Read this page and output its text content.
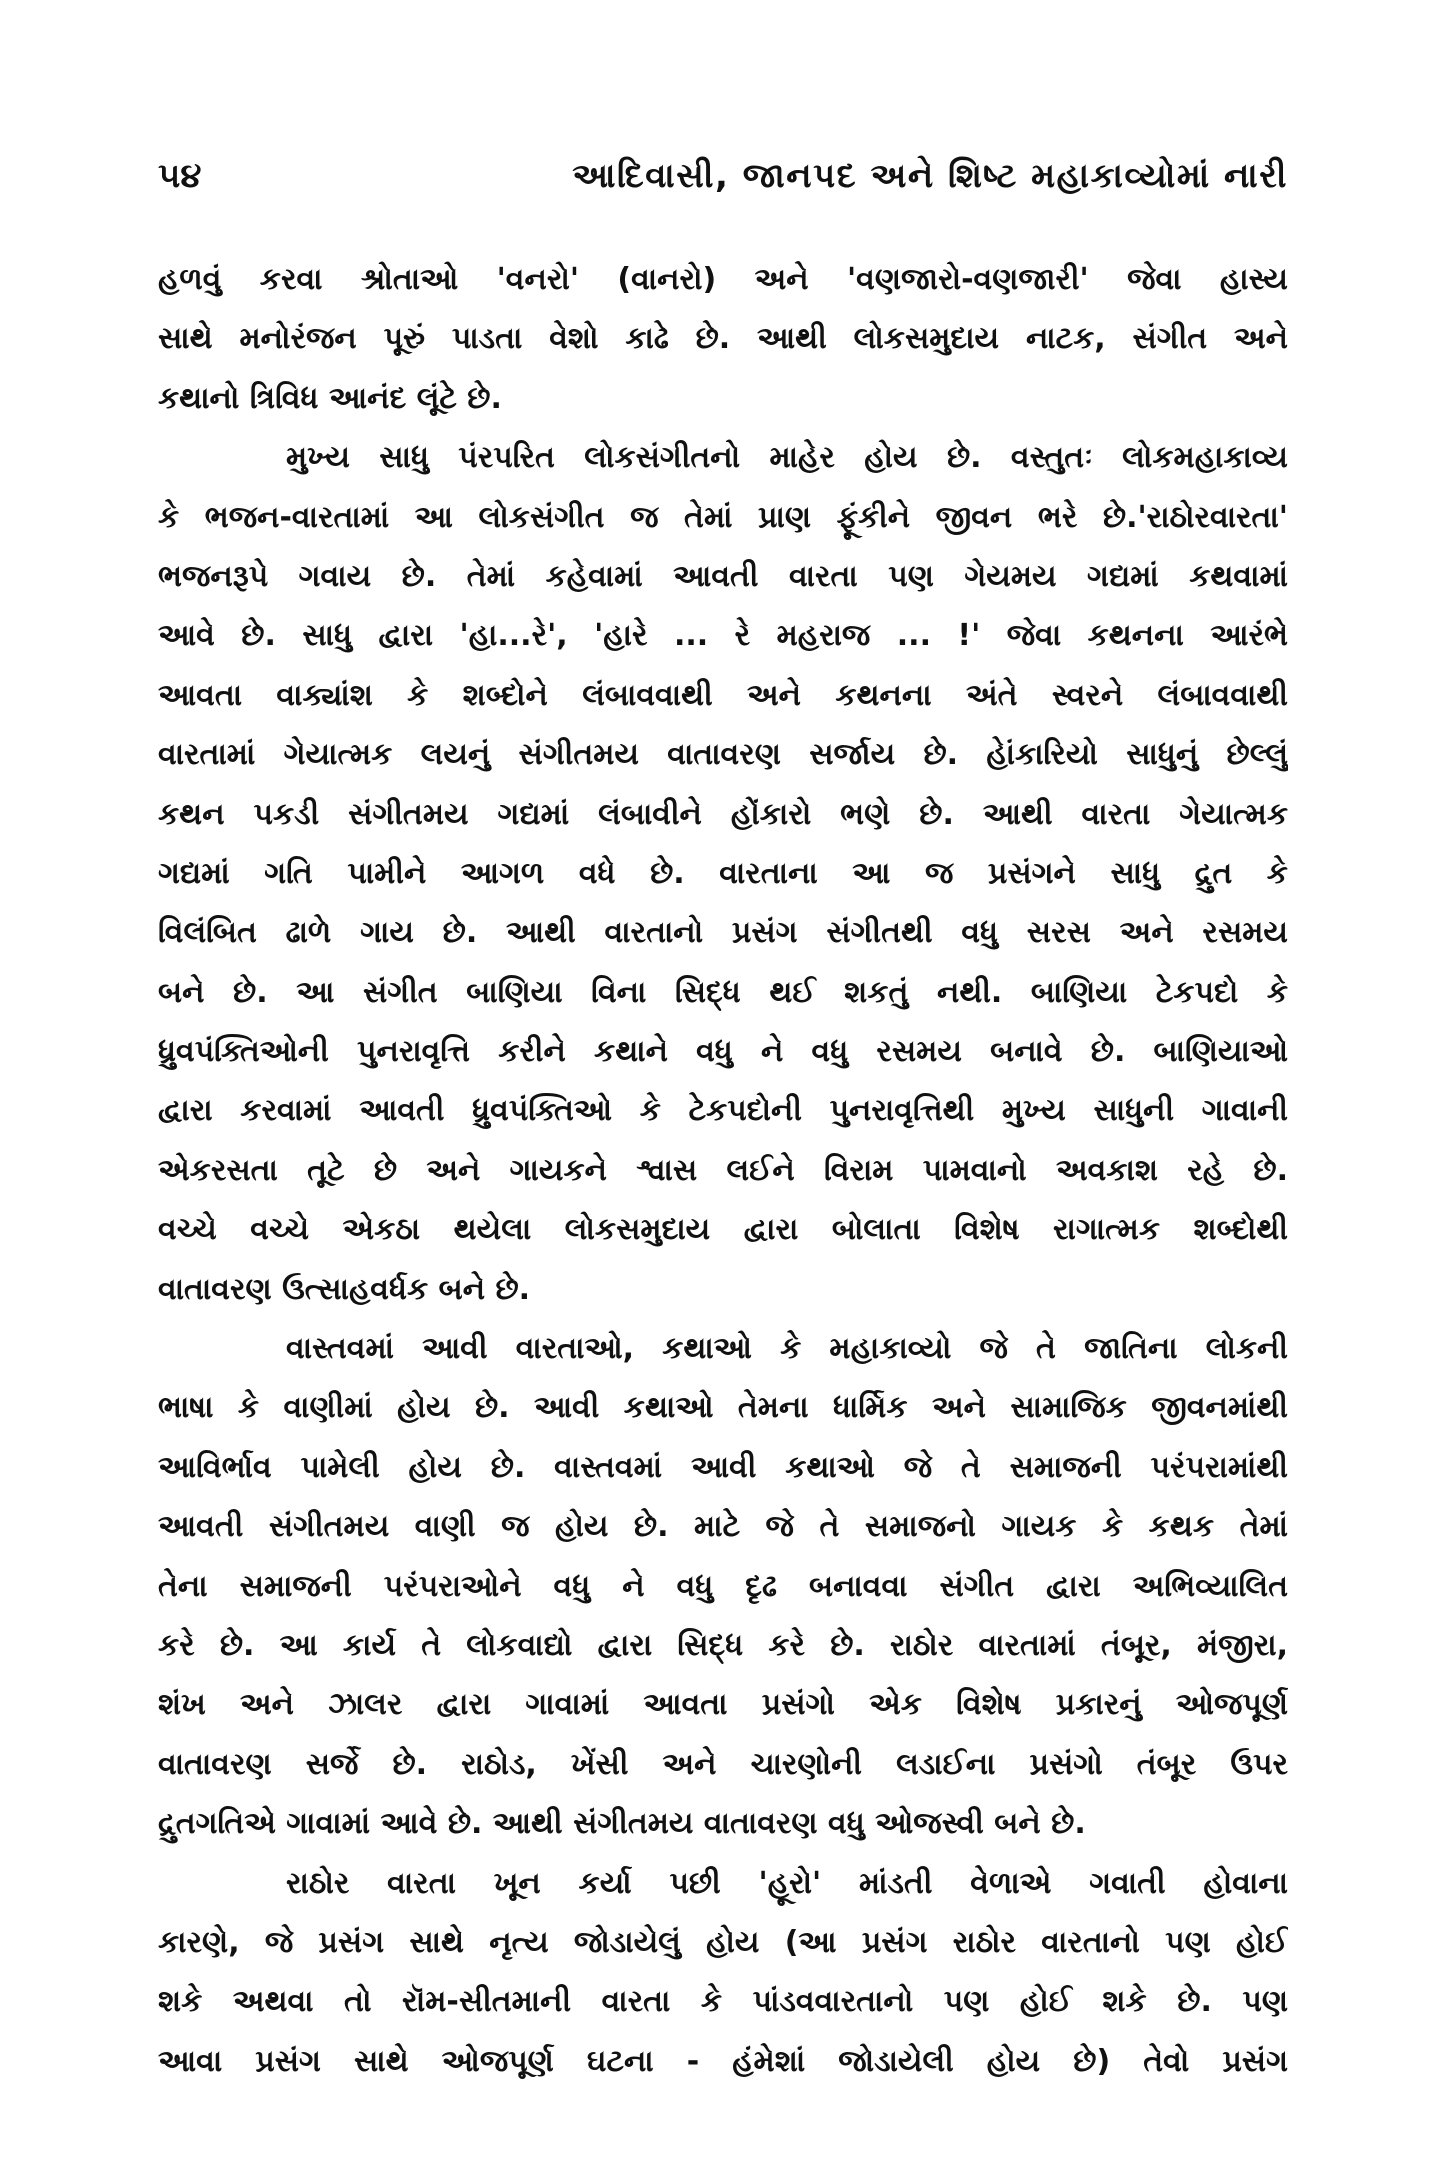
૫૪	આદિવાસી, જાનપદ અને શિષ્ટ મહાકાવ્યોમાં નારી
હળવું કરવા શ્રોતાઓ 'વનરો' (વાનરો) અને 'વણજારો-વણજારી' જેવા હાસ્ય
સાથે મનોરંજન પૂરું પાડતા વેશો કાઢે છે. આથી લોકસમુદાય નાટક, સંગીત અને
કથાનો ત્રિવિધ આનંદ લૂંટે છે.
મુખ્ય સાધુ પંરપરિત લોકસંગીતનો માહેર હોય છે. વસ્તુતઃ લોકમહાકાવ્ય
કે ભજન-વારતામાં આ લોકસંગીત જ તેમાં પ્રાણ ફૂંકીને જીવન ભરે છે.'રાઠોરવારતા'
ભજનરૂપે ગવાય છે. તેમાં કહેવામાં આવતી વારતા પણ ગેયમય ગદ્યમાં કથવામાં
આવે છે. સાધુ દ્વારા 'હા...રે', 'હારે ... રે મહરાજ ... !' જેવા કથનના આરંભે
આવતા વાક્યાંશ કે શબ્દોને લંબાવવાથી અને કથનના અંતે સ્વરને લંબાવવાથી
વારતામાં ગેયાત્મક લયનું સંગીતમય વાતાવરણ સર્જાય છે. હેાંકારિયો સાધુનું છેલ્લું
કથન પકડી સંગીતમય ગદ્યમાં લંબાવીને હોંકારો ભણે છે. આથી વારતા ગેયાત્મક
ગદ્યમાં ગતિ પામીને આગળ વધે છે. વારતાના આ જ પ્રસંગને સાધુ દ્રુત કે
વિલંબિત ઢાળે ગાય છે. આથી વારતાનો પ્રસંગ સંગીતથી વધુ સરસ અને રસમય
બને છે. આ સંગીત બાણિયા વિના સિદ્ધ થઈ શકતું નથી. બાણિયા ટેકપદો કે
ધ્રુવપંક્તિઓની પુનરાવૃત્તિ કરીને કથાને વધુ ને વધુ રસમય બનાવે છે. બાણિયાઓ
દ્વારા કરવામાં આવતી ધ્રુવપંક્તિઓ કે ટેકપદોની પુનરાવૃત્તિથી મુખ્ય સાધુની ગાવાની
એકરસતા તૂટે છે અને ગાયકને શ્વાસ લઈને વિરામ પામવાનો અવકાશ રહે છે.
વચ્ચે વચ્ચે એકઠા થયેલા લોકસમુદાય દ્વારા બોલાતા વિશેષ રાગાત્મક શબ્દોથી
વાતાવરણ ઉત્સાહવર્ધક બને છે.
વાસ્તવમાં આવી વારતાઓ, કથાઓ કે મહાકાવ્યો જે તે જાતિના લોકની
ભાષા કે વાણીમાં હોય છે. આવી કથાઓ તેમના ધાર્મિક અને સામાજિક જીવનમાંથી
આવિર્ભાવ પામેલી હોય છે. વાસ્તવમાં આવી કથાઓ જે તે સમાજની પરંપરામાંથી
આવતી સંગીતમય વાણી જ હોય છે. માટે જે તે સમાજનો ગાયક કે કથક તેમાં
તેના સમાજની પરંપરાઓને વધુ ને વધુ દૃઢ બનાવવા સંગીત દ્વારા અભિવ્યાલિત
કરે છે. આ કાર્ય તે લોકવાદ્યો દ્વારા સિદ્ધ કરે છે. રાઠોર વારતામાં તંબૂર, મંજીરા,
શંખ અને ઝાલર દ્વારા ગાવામાં આવતા પ્રસંગો એક વિશેષ પ્રકારનું ઓજપૂર્ણ
વાતાવરણ સર્જે છે. રાઠોડ, ખેંસી અને ચારણોની લડાઈના પ્રસંગો તંબૂર ઉપર
દ્રુતગતિએ ગાવામાં આવે છે. આથી સંગીતમય વાતાવરણ વધુ ઓજસ્વી બને છે.
રાઠોર વારતા ખૂન કર્યા પછી 'હૂરો' માંડતી વેળાએ ગવાતી હોવાના
કારણે, જે પ્રસંગ સાથે નૃત્ય જોડાયેલું હોય (આ પ્રસંગ રાઠોર વારતાનો પણ હોઈ
શકે અથવા તો રૉમ-સીતમાની વારતા કે પાંડવવારતાનો પણ હોઈ શકે છે. પણ
આવા પ્રસંગ સાથે ઓજપૂર્ણ ઘટના - હંમેશાં જોડાયેલી હોય છે) તેવો પ્રસંગ
